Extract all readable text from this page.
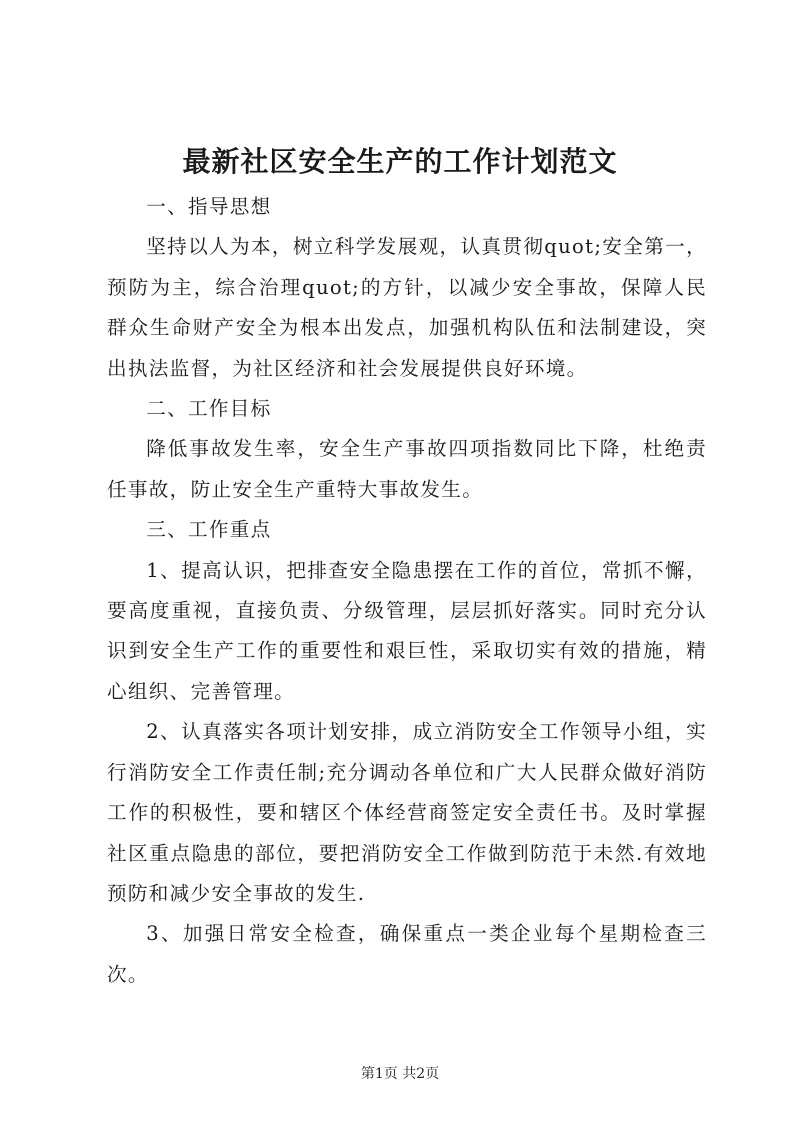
最新社区安全生产的工作计划范文

一、指导思想

坚持以人为本，树立科学发展观，认真贯彻quot;安全第一，预防为主，综合治理quot;的方针，以减少安全事故，保障人民群众生命财产安全为根本出发点，加强机构队伍和法制建设，突出执法监督，为社区经济和社会发展提供良好环境。

二、工作目标

降低事故发生率，安全生产事故四项指数同比下降，杜绝责任事故，防止安全生产重特大事故发生。

三、工作重点

1、提高认识，把排查安全隐患摆在工作的首位，常抓不懈，要高度重视，直接负责、分级管理，层层抓好落实。同时充分认识到安全生产工作的重要性和艰巨性，采取切实有效的措施，精心组织、完善管理。

2、认真落实各项计划安排，成立消防安全工作领导小组，实行消防安全工作责任制;充分调动各单位和广大人民群众做好消防工作的积极性，要和辖区个体经营商签定安全责任书。及时掌握社区重点隐患的部位，要把消防安全工作做到防范于未然.有效地预防和减少安全事故的发生.

3、加强日常安全检查，确保重点一类企业每个星期检查三次。

第1页 共2页
